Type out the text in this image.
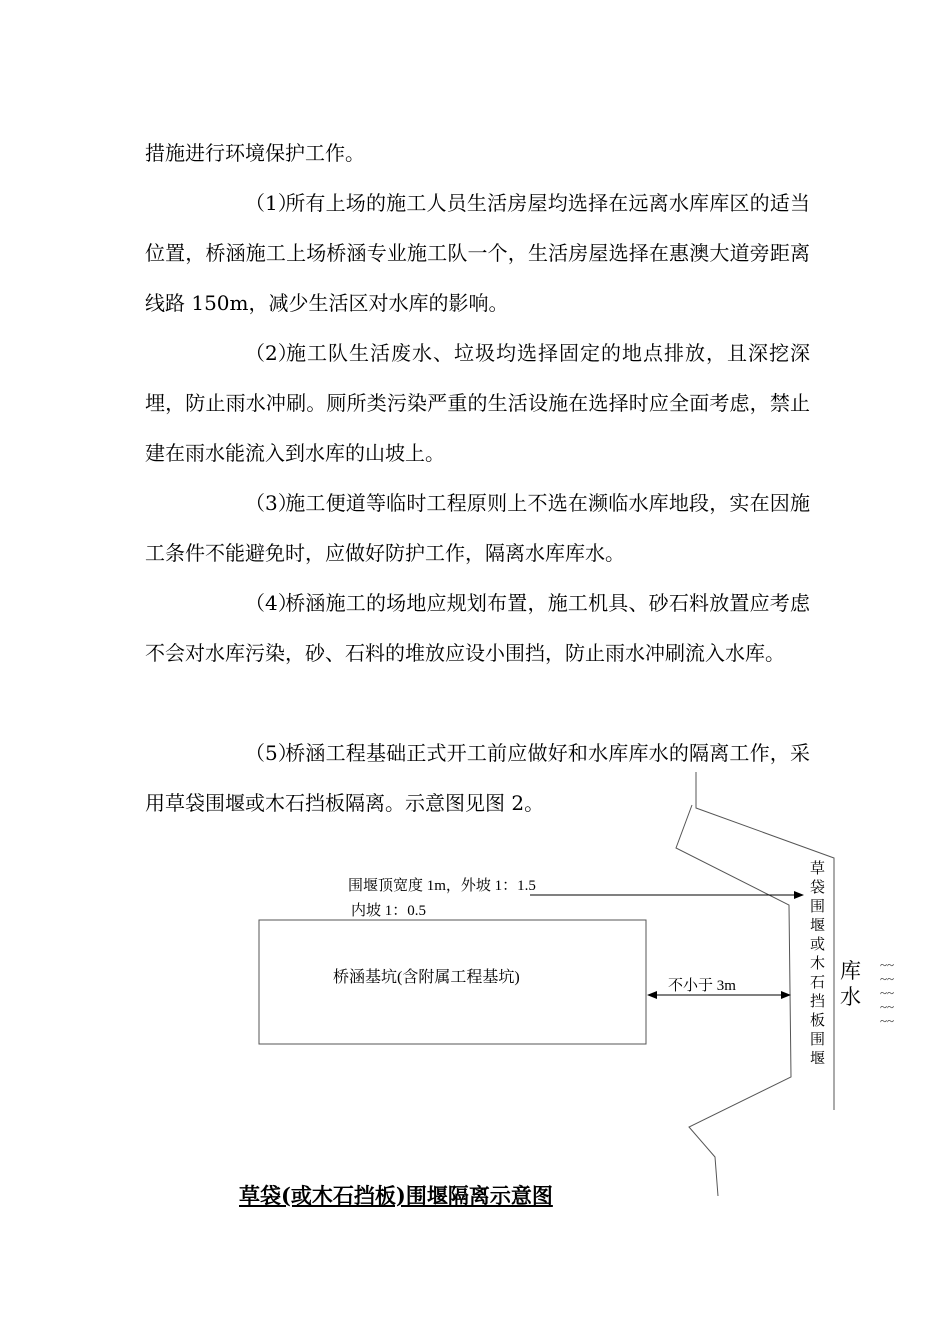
措施进行环境保护工作。

（1）所有上场的施工人员生活房屋均选择在远离水库库区的适当位置，桥涵施工上场桥涵专业施工队一个，生活房屋选择在惠澳大道旁距离线路 150m，减少生活区对水库的影响。

（2）施工队生活废水、垃圾均选择固定的地点排放，且深挖深埋，防止雨水冲刷。厕所类污染严重的生活设施在选择时应全面考虑，禁止建在雨水能流入到水库的山坡上。

（3）施工便道等临时工程原则上不选在濒临水库地段，实在因施工条件不能避免时，应做好防护工作，隔离水库库水。

（4）桥涵施工的场地应规划布置，施工机具、砂石料放置应考虑不会对水库污染，砂、石料的堆放应设小围挡，防止雨水冲刷流入水库。

（5）桥涵工程基础正式开工前应做好和水库库水的隔离工作，采用草袋围堰或木石挡板隔离。示意图见图 2。

围堰顶宽度 1m，外坡 1：1.5
内坡 1：0.5
桥涵基坑(含附属工程基坑)	不小于 3m
草
袋
围
堰
或
木
石
挡
板
围
堰
库
水
~~
~~
~~
~~
~~
草袋(或木石挡板)围堰隔离示意图
